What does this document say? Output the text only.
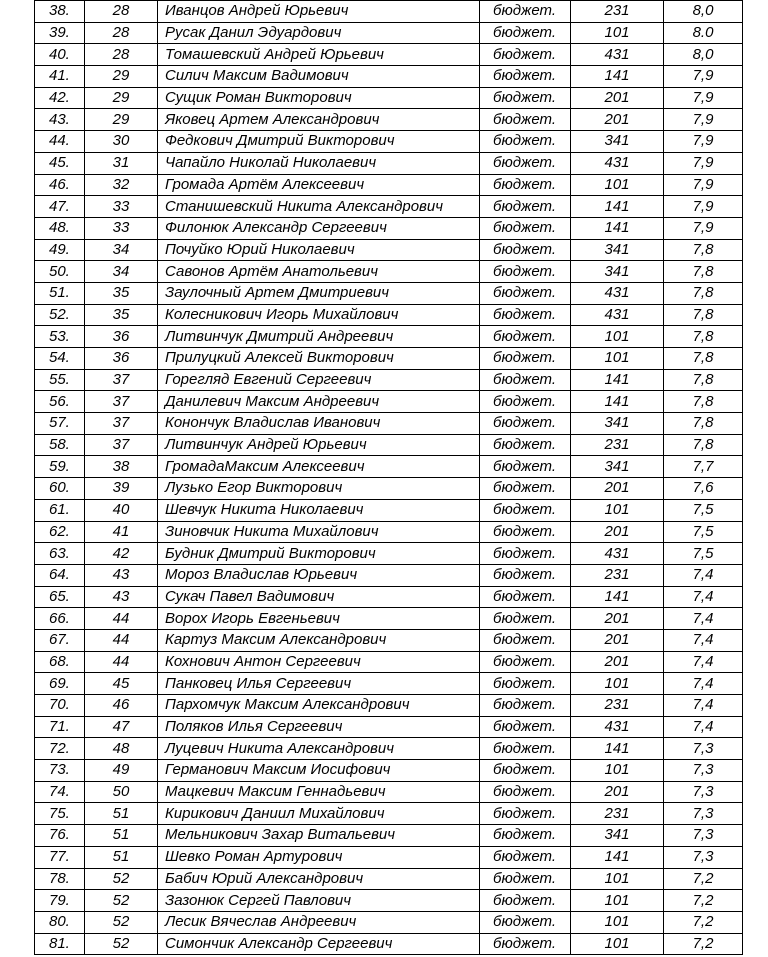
38.	28	Иванцов Андрей Юрьевич	бюджет.	231	8,0
39.	28	Русак Данил Эдуардович	бюджет.	101	8.0
40.	28	Томашевский Андрей Юрьевич	бюджет.	431	8,0
41.	29	Силич Максим Вадимович	бюджет.	141	7,9
42.	29	Сущик Роман Викторович	бюджет.	201	7,9
43.	29	Яковец Артем Александрович	бюджет.	201	7,9
44.	30	Федкович Дмитрий Викторович	бюджет.	341	7,9
45.	31	Чапайло Николай Николаевич	бюджет.	431	7,9
46.	32	Громада Артём Алексеевич	бюджет.	101	7,9
47.	33	Станишевский Никита Александрович	бюджет.	141	7,9
48.	33	Филонюк Александр Сергеевич	бюджет.	141	7,9
49.	34	Почуйко Юрий Николаевич	бюджет.	341	7,8
50.	34	Савонов Артём Анатольевич	бюджет.	341	7,8
51.	35	Заулочный Артем Дмитриевич	бюджет.	431	7,8
52.	35	Колесникович Игорь Михайлович	бюджет.	431	7,8
53.	36	Литвинчук Дмитрий Андреевич	бюджет.	101	7,8
54.	36	Прилуцкий Алексей Викторович	бюджет.	101	7,8
55.	37	Горегляд Евгений Сергеевич	бюджет.	141	7,8
56.	37	Данилевич Максим Андреевич	бюджет.	141	7,8
57.	37	Конончук Владислав Иванович	бюджет.	341	7,8
58.	37	Литвинчук Андрей Юрьевич	бюджет.	231	7,8
59.	38	ГромадаМаксим Алексеевич	бюджет.	341	7,7
60.	39	Лузько Егор Викторович	бюджет.	201	7,6
61.	40	Шевчук Никита Николаевич	бюджет.	101	7,5
62.	41	Зиновчик Никита Михайлович	бюджет.	201	7,5
63.	42	Будник Дмитрий Викторович	бюджет.	431	7,5
64.	43	Мороз Владислав Юрьевич	бюджет.	231	7,4
65.	43	Сукач Павел Вадимович	бюджет.	141	7,4
66.	44	Ворох Игорь Евгеньевич	бюджет.	201	7,4
67.	44	Картуз Максим Александрович	бюджет.	201	7,4
68.	44	Кохнович Антон Сергеевич	бюджет.	201	7,4
69.	45	Панковец Илья Сергеевич	бюджет.	101	7,4
70.	46	Пархомчук Максим Александрович	бюджет.	231	7,4
71.	47	Поляков Илья Сергеевич	бюджет.	431	7,4
72.	48	Луцевич Никита Александрович	бюджет.	141	7,3
73.	49	Германович Максим Иосифович	бюджет.	101	7,3
74.	50	Мацкевич Максим Геннадьевич	бюджет.	201	7,3
75.	51	Кирикович Даниил Михайлович	бюджет.	231	7,3
76.	51	Мельникович Захар Витальевич	бюджет.	341	7,3
77.	51	Шевко Роман Артурович	бюджет.	141	7,3
78.	52	Бабич Юрий Александрович	бюджет.	101	7,2
79.	52	Зазонюк Сергей Павлович	бюджет.	101	7,2
80.	52	Лесик Вячеслав Андреевич	бюджет.	101	7,2
81.	52	Симончик Александр Сергеевич	бюджет.	101	7,2
